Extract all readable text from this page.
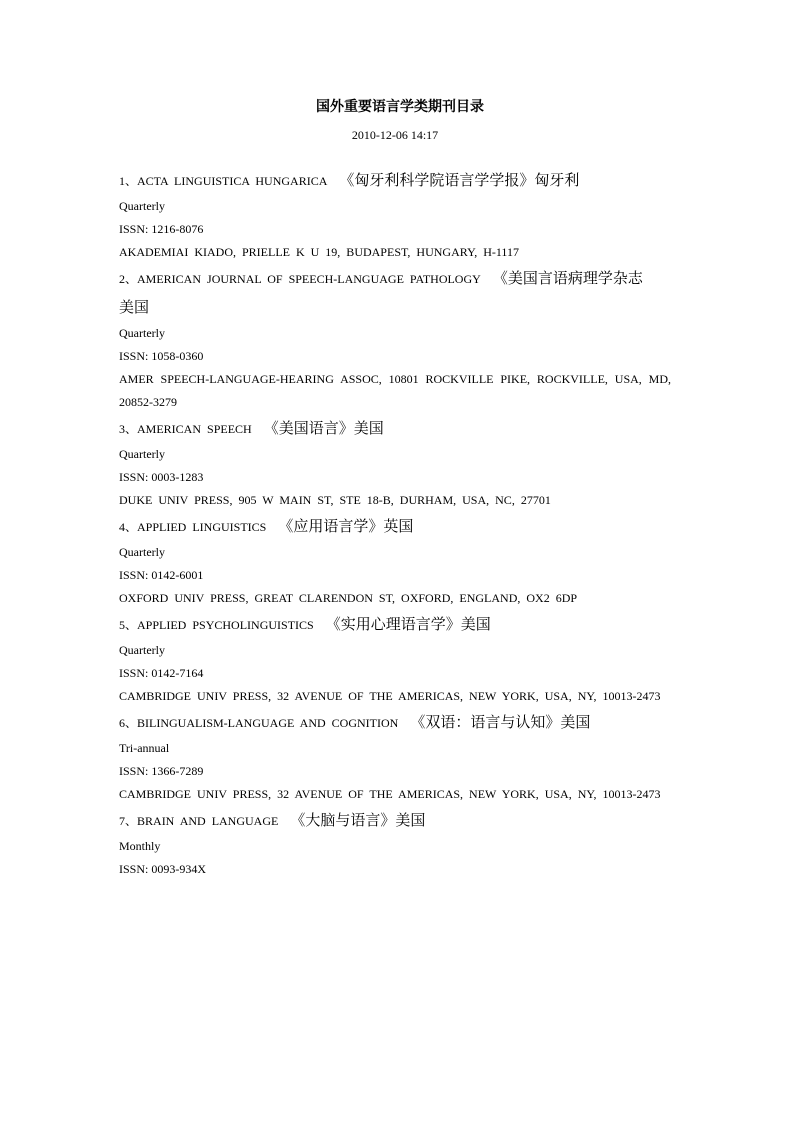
国外重要语言学类期刊目录

2010-12-06 14:17

1、ACTA LINGUISTICA HUNGARICA 《匈牙利科学院语言学学报》匈牙利

Quarterly

ISSN: 1216-8076

AKADEMIAI KIADO, PRIELLE K U 19, BUDAPEST, HUNGARY, H-1117

2、AMERICAN JOURNAL OF SPEECH-LANGUAGE PATHOLOGY 《美国言语病理学杂志
美国

Quarterly

ISSN: 1058-0360

AMER SPEECH-LANGUAGE-HEARING ASSOC, 10801 ROCKVILLE PIKE, ROCKVILLE, USA, MD, 20852-3279

3、AMERICAN SPEECH 《美国语言》美国

Quarterly

ISSN: 0003-1283

DUKE UNIV PRESS, 905 W MAIN ST, STE 18-B, DURHAM, USA, NC, 27701

4、APPLIED LINGUISTICS 《应用语言学》英国

Quarterly

ISSN: 0142-6001

OXFORD UNIV PRESS, GREAT CLARENDON ST, OXFORD, ENGLAND, OX2 6DP

5、APPLIED PSYCHOLINGUISTICS 《实用心理语言学》美国

Quarterly

ISSN: 0142-7164

CAMBRIDGE UNIV PRESS, 32 AVENUE OF THE AMERICAS, NEW YORK, USA, NY, 10013-2473

6、BILINGUALISM-LANGUAGE AND COGNITION 《双语：语言与认知》美国

Tri-annual

ISSN: 1366-7289

CAMBRIDGE UNIV PRESS, 32 AVENUE OF THE AMERICAS, NEW YORK, USA, NY, 10013-2473

7、BRAIN AND LANGUAGE 《大脑与语言》美国

Monthly

ISSN: 0093-934X
